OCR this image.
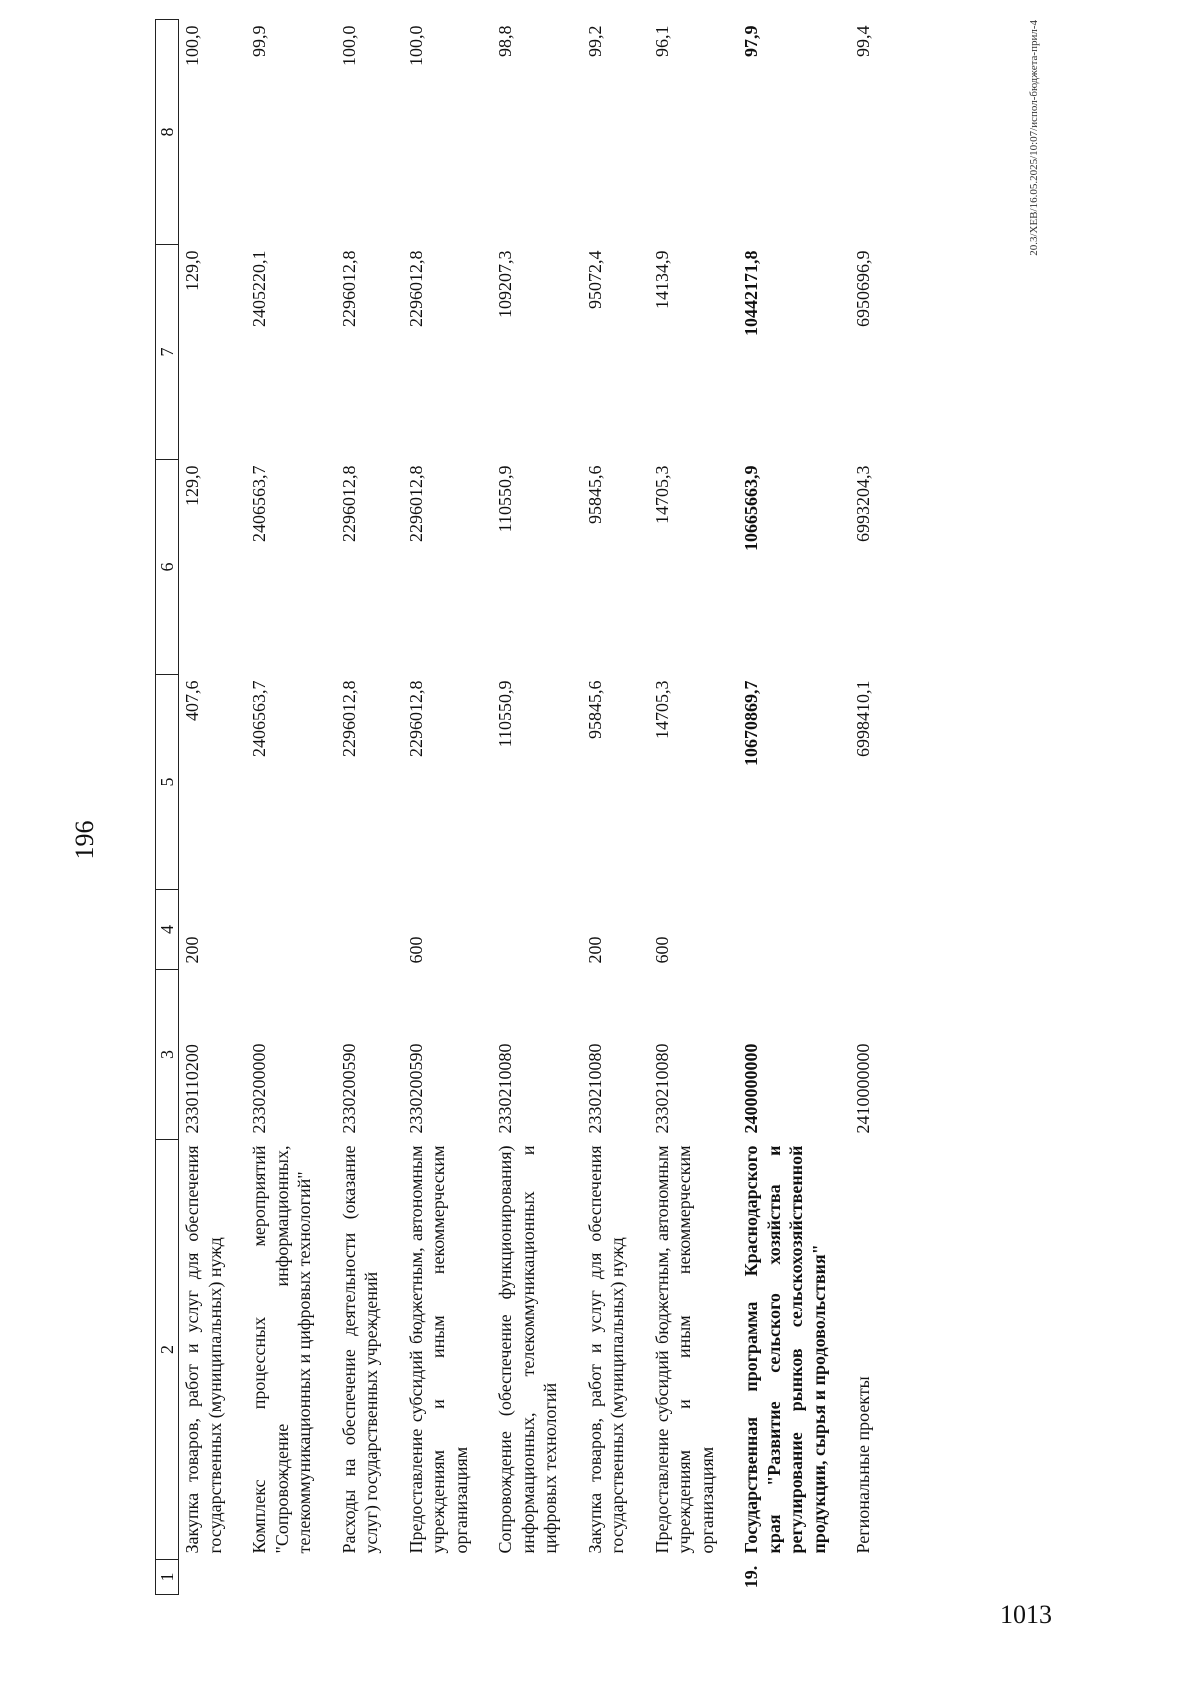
196
1	2	3	4	5	6	7	8
	Закупка товаров, работ и услуг для обеспечения государственных (муниципальных) нужд	2330110200	200	407,6	129,0	129,0	100,0
	Комплекс процессных мероприятий "Сопровождение информационных, телекоммуникационных и цифровых технологий"	2330200000		2406563,7	2406563,7	2405220,1	99,9
	Расходы на обеспечение деятельности (оказание услуг) государственных учреждений	2330200590		2296012,8	2296012,8	2296012,8	100,0
	Предоставление субсидий бюджетным, автономным учреждениям и иным некоммерческим организациям	2330200590	600	2296012,8	2296012,8	2296012,8	100,0
	Сопровождение (обеспечение функционирования) информационных, телекоммуникационных и цифровых технологий	2330210080		110550,9	110550,9	109207,3	98,8
	Закупка товаров, работ и услуг для обеспечения государственных (муниципальных) нужд	2330210080	200	95845,6	95845,6	95072,4	99,2
	Предоставление субсидий бюджетным, автономным учреждениям и иным некоммерческим организациям	2330210080	600	14705,3	14705,3	14134,9	96,1
19.	Государственная программа Краснодарского края "Развитие сельского хозяйства и регулирование рынков сельскохозяйственной продукции, сырья и продовольствия"	2400000000		10670869,7	10665663,9	10442171,8	97,9
	Региональные проекты	2410000000		6998410,1	6993204,3	6950696,9	99,4	20.3/XEB/16.05.2025/10:07/испол-бюджета-прил-4
1013
